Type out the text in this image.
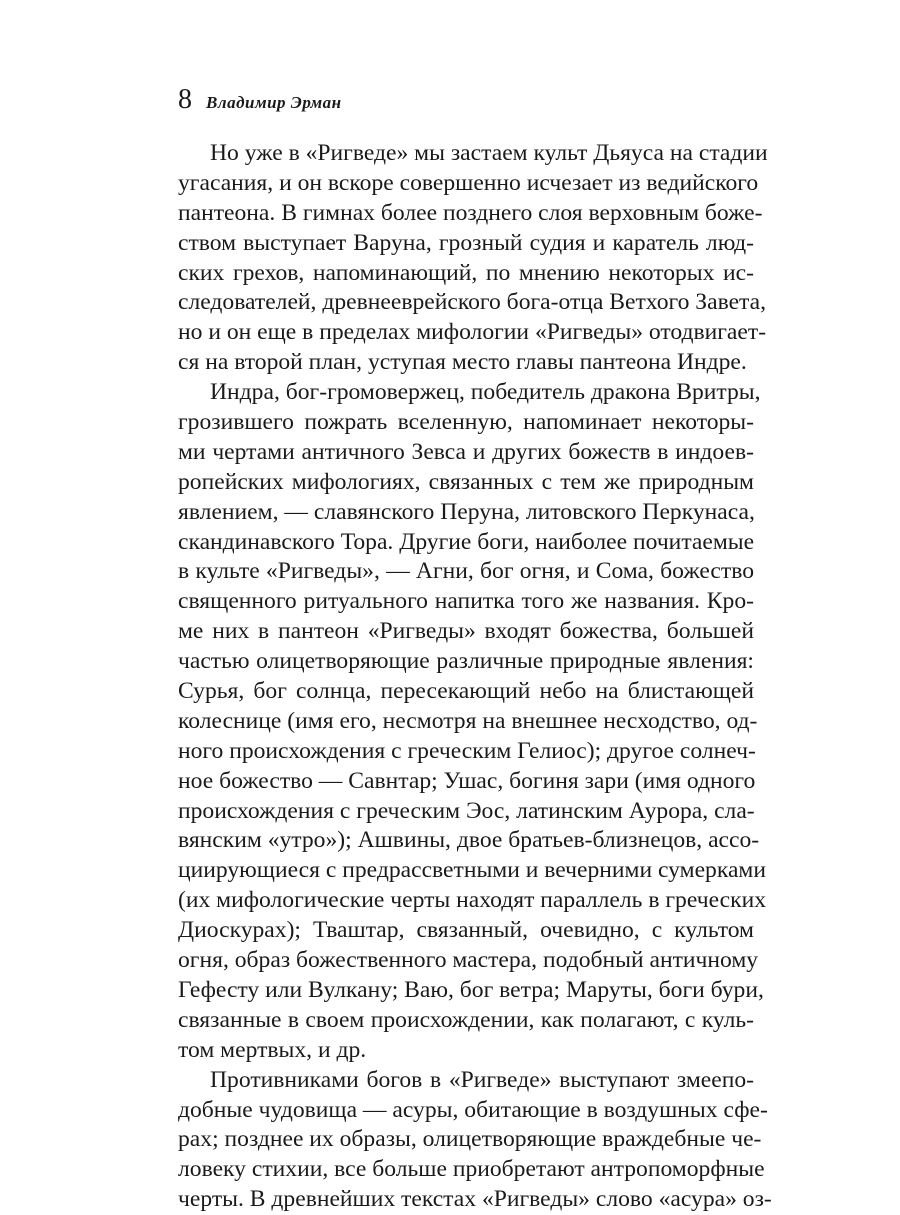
8 Владимир Эрман
Но уже в «Ригведе» мы застаем культ Дьяуса на стадии
угасания, и он вскоре совершенно исчезает из ведийского
пантеона. В гимнах более позднего слоя верховным боже-
ством выступает Варуна, грозный судия и каратель люд-
ских грехов, напоминающий, по мнению некоторых ис-
следователей, древнееврейского бога-отца Ветхого Завета,
но и он еще в пределах мифологии «Ригведы» отодвигает-
ся на второй план, уступая место главы пантеона Индре.
Индра, бог-громовержец, победитель дракона Вритры,
грозившего пожрать вселенную, напоминает некоторы-
ми чертами античного Зевса и других божеств в индоев-
ропейских мифологиях, связанных с тем же природным
явлением, — славянского Перуна, литовского Перкунаса,
скандинавского Тора. Другие боги, наиболее почитаемые
в культе «Ригведы», — Агни, бог огня, и Сома, божество
священного ритуального напитка того же названия. Кро-
ме них в пантеон «Ригведы» входят божества, большей
частью олицетворяющие различные природные явления:
Сурья, бог солнца, пересекающий небо на блистающей
колеснице (имя его, несмотря на внешнее несходство, од-
ного происхождения с греческим Гелиос); другое солнеч-
ное божество — Савнтар; Ушас, богиня зари (имя одного
происхождения с греческим Эос, латинским Аурора, сла-
вянским «утро»); Ашвины, двое братьев-близнецов, ассо-
циирующиеся с предрассветными и вечерними сумерками
(их мифологические черты находят параллель в греческих
Диоскурах); Тваштар, связанный, очевидно, с культом
огня, образ божественного мастера, подобный античному
Гефесту или Вулкану; Ваю, бог ветра; Маруты, боги бури,
связанные в своем происхождении, как полагают, с куль-
том мертвых, и др.
Противниками богов в «Ригведе» выступают змеепо-
добные чудовища — асуры, обитающие в воздушных сфе-
рах; позднее их образы, олицетворяющие враждебные че-
ловеку стихии, все больше приобретают антропоморфные
черты. В древнейших текстах «Ригведы» слово «асура» оз-
